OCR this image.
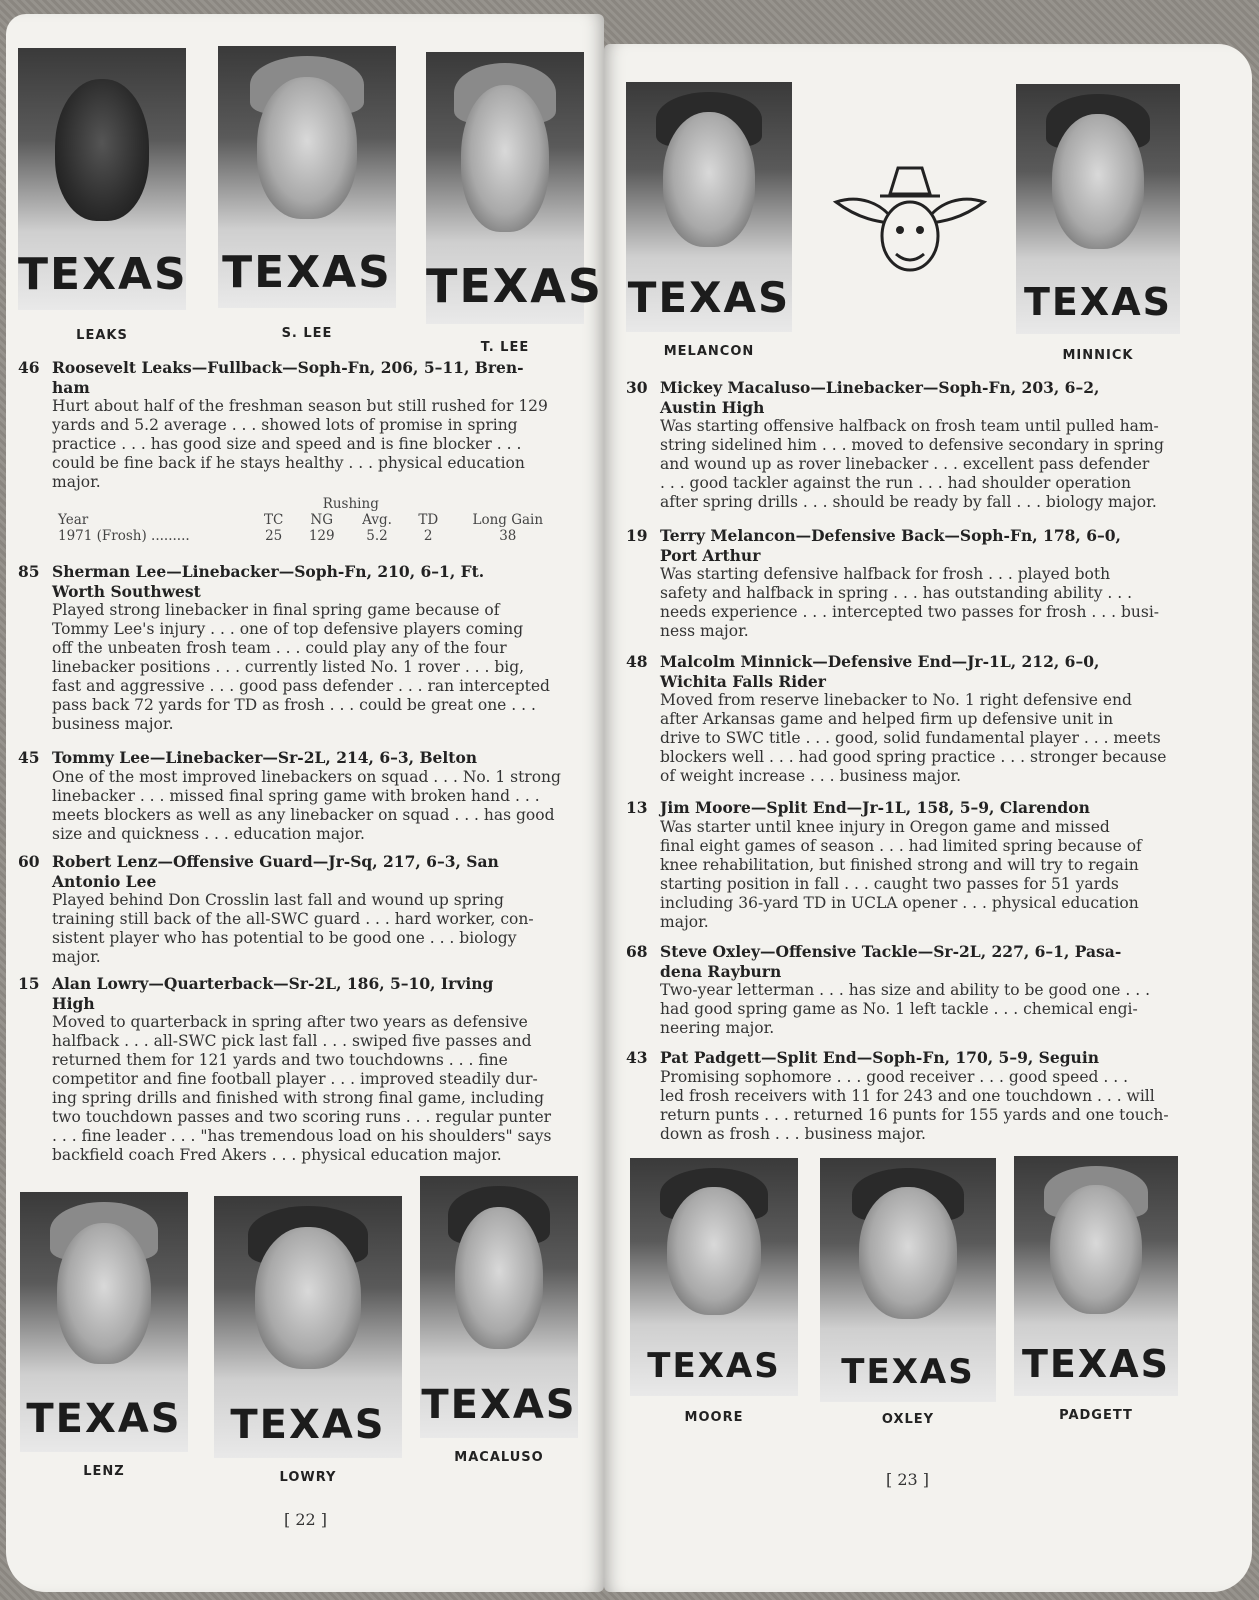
TEXAS
LEAKS
TEXAS
S. LEE
TEXAS
T. LEE
46 Roosevelt Leaks—Fullback—Soph-Fn, 206, 5–11, Bren-
ham
Hurt about half of the freshman season but still rushed for 129
yards and 5.2 average . . . showed lots of promise in spring
practice . . . has good size and speed and is fine blocker . . .
could be fine back if he stays healthy . . . physical education
major.
		Rushing				
Year	TC	NG	Avg.	TD	Long Gain	
1971 (Frosh) .........	25	129	5.2	2	38	
85 Sherman Lee—Linebacker—Soph-Fn, 210, 6–1, Ft.
Worth Southwest
Played strong linebacker in final spring game because of
Tommy Lee's injury . . . one of top defensive players coming
off the unbeaten frosh team . . . could play any of the four
linebacker positions . . . currently listed No. 1 rover . . . big,
fast and aggressive . . . good pass defender . . . ran intercepted
pass back 72 yards for TD as frosh . . . could be great one . . .
business major.
45 Tommy Lee—Linebacker—Sr-2L, 214, 6–3, Belton
One of the most improved linebackers on squad . . . No. 1 strong
linebacker . . . missed final spring game with broken hand . . .
meets blockers as well as any linebacker on squad . . . has good
size and quickness . . . education major.
60 Robert Lenz—Offensive Guard—Jr-Sq, 217, 6–3, San
Antonio Lee
Played behind Don Crosslin last fall and wound up spring
training still back of the all-SWC guard . . . hard worker, con-
sistent player who has potential to be good one . . . biology
major.
15 Alan Lowry—Quarterback—Sr-2L, 186, 5–10, Irving
High
Moved to quarterback in spring after two years as defensive
halfback . . . all-SWC pick last fall . . . swiped five passes and
returned them for 121 yards and two touchdowns . . . fine
competitor and fine football player . . . improved steadily dur-
ing spring drills and finished with strong final game, including
two touchdown passes and two scoring runs . . . regular punter
. . . fine leader . . . "has tremendous load on his shoulders" says
backfield coach Fred Akers . . . physical education major.
TEXAS
LENZ
TEXAS
LOWRY
TEXAS
MACALUSO
[ 22 ]
TEXAS
MELANCON
TEXAS
MINNICK
30 Mickey Macaluso—Linebacker—Soph-Fn, 203, 6–2,
Austin High
Was starting offensive halfback on frosh team until pulled ham-
string sidelined him . . . moved to defensive secondary in spring
and wound up as rover linebacker . . . excellent pass defender
. . . good tackler against the run . . . had shoulder operation
after spring drills . . . should be ready by fall . . . biology major.
19 Terry Melancon—Defensive Back—Soph-Fn, 178, 6–0,
Port Arthur
Was starting defensive halfback for frosh . . . played both
safety and halfback in spring . . . has outstanding ability . . .
needs experience . . . intercepted two passes for frosh . . . busi-
ness major.
48 Malcolm Minnick—Defensive End—Jr-1L, 212, 6–0,
Wichita Falls Rider
Moved from reserve linebacker to No. 1 right defensive end
after Arkansas game and helped firm up defensive unit in
drive to SWC title . . . good, solid fundamental player . . . meets
blockers well . . . had good spring practice . . . stronger because
of weight increase . . . business major.
13 Jim Moore—Split End—Jr-1L, 158, 5–9, Clarendon
Was starter until knee injury in Oregon game and missed
final eight games of season . . . had limited spring because of
knee rehabilitation, but finished strong and will try to regain
starting position in fall . . . caught two passes for 51 yards
including 36-yard TD in UCLA opener . . . physical education
major.
68 Steve Oxley—Offensive Tackle—Sr-2L, 227, 6–1, Pasa-
dena Rayburn
Two-year letterman . . . has size and ability to be good one . . .
had good spring game as No. 1 left tackle . . . chemical engi-
neering major.
43 Pat Padgett—Split End—Soph-Fn, 170, 5–9, Seguin
Promising sophomore . . . good receiver . . . good speed . . .
led frosh receivers with 11 for 243 and one touchdown . . . will
return punts . . . returned 16 punts for 155 yards and one touch-
down as frosh . . . business major.
TEXAS
MOORE
TEXAS
OXLEY
TEXAS
PADGETT
[ 23 ]
